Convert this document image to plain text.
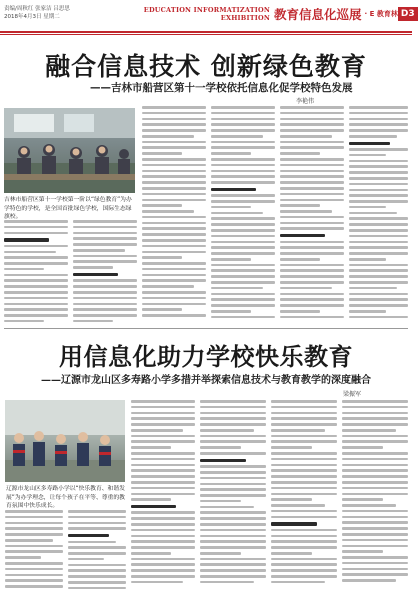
责编/周秋红 张家洁 吕思思
2018年4月3日 星期二
EDUCATION INFORMATIZATION EXHIBITION 教育信息化巡展 · E 教育林 D3
融合信息技术 创新绿色教育
——吉林市船营区第十一学校依托信息化促学校特色发展
李艳伟
吉林市船营区第十一学校第一阶以“绿色教育”为办学特色的学校，是全国首批绿色学校，国际生态绿旗校。
用信息化助力学校快乐教育
——辽源市龙山区多寿路小学多措并举探索信息技术与教育教学的深度融合
梁振军
辽源市龙山区多寿路小学以“快乐教育、和谐发展”为办学理念，让每个孩子在平等、尊重的教育氛围中快乐成长。
